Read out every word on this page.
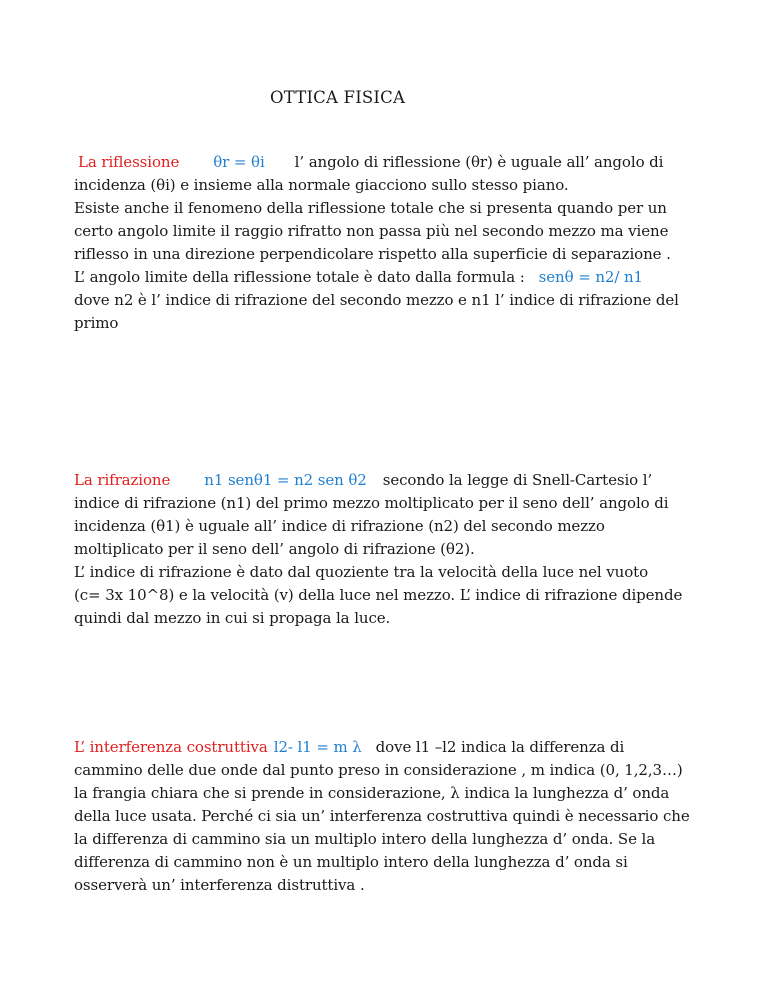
OTTICA FISICA

La riflessione θr = θi l’ angolo di riflessione (θr) è uguale all’ angolo di

incidenza (θi) e insieme alla normale giacciono sullo stesso piano.

Esiste anche il fenomeno della riflessione totale che si presenta quando per un

certo angolo limite il raggio rifratto non passa più nel secondo mezzo ma viene

riflesso in una direzione perpendicolare rispetto alla superficie di separazione .

L’ angolo limite della riflessione totale è dato dalla formula : senθ = n2/ n1

dove n2 è l’ indice di rifrazione del secondo mezzo e n1 l’ indice di rifrazione del

primo

La rifrazione n1 senθ1 = n2 sen θ2 secondo la legge di Snell-Cartesio l’

indice di rifrazione (n1) del primo mezzo moltiplicato per il seno dell’ angolo di

incidenza (θ1) è uguale all’ indice di rifrazione (n2) del secondo mezzo

moltiplicato per il seno dell’ angolo di rifrazione (θ2).

L’ indice di rifrazione è dato dal quoziente tra la velocità della luce nel vuoto

(c= 3x 10^8) e la velocità (v) della luce nel mezzo. L’ indice di rifrazione dipende

quindi dal mezzo in cui si propaga la luce.

L’ interferenza costruttiva l2- l1 = m λ dove l1 –l2 indica la differenza di

cammino delle due onde dal punto preso in considerazione , m indica (0, 1,2,3…)

la frangia chiara che si prende in considerazione, λ indica la lunghezza d’ onda

della luce usata. Perché ci sia un’ interferenza costruttiva quindi è necessario che

la differenza di cammino sia un multiplo intero della lunghezza d’ onda. Se la

differenza di cammino non è un multiplo intero della lunghezza d’ onda si

osserverà un’ interferenza distruttiva .
